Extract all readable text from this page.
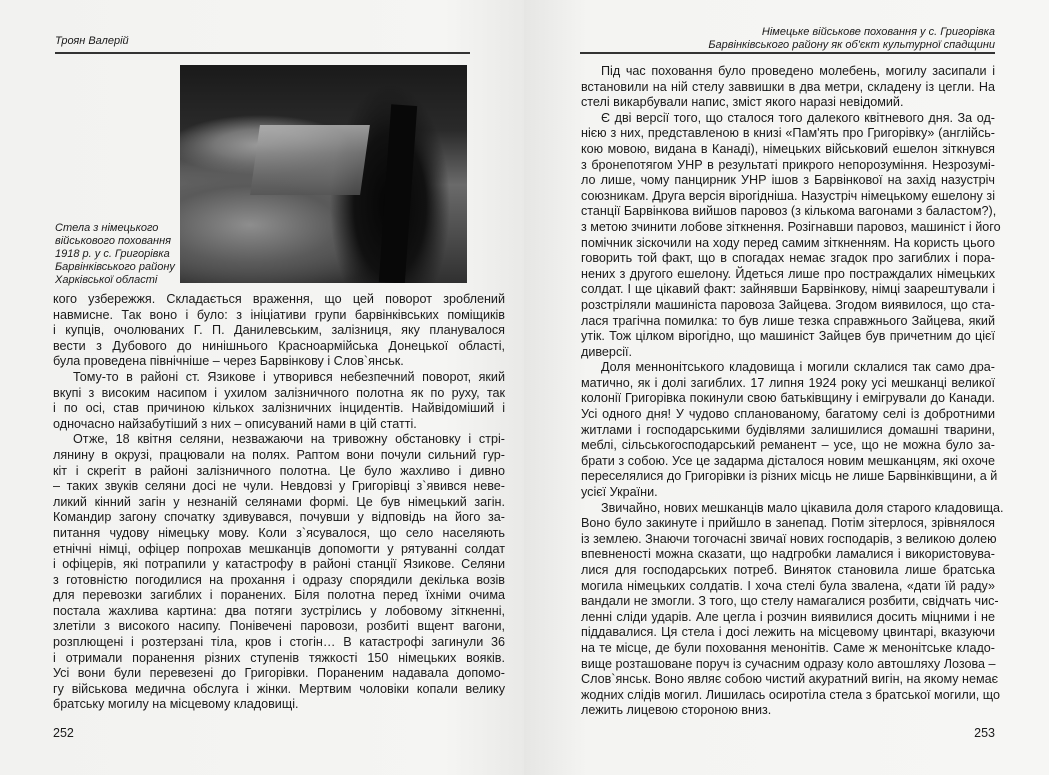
Троян Валерій
Стела з німецького
військового поховання
1918 р. у с. Григорівка
Барвінківського району
Харківської області
кого узбережжя. Складається враження, що цей поворот зроблений
навмисне. Так воно і було: з ініціативи групи барвінківських поміщиків
і купців, очолюваних Г. П. Данилевським, залізниця, яку планувалося
вести з Дубового до нинішнього Красноармійська Донецької області,
була проведена північніше – через Барвінкову і Слов`янськ.
Тому-то в районі ст. Язикове і утворився небезпечний поворот, який
вкупі з високим насипом і ухилом залізничного полотна як по руху, так
і по осі, став причиною кількох залізничних інцидентів. Найвідоміший і
одночасно найзабутіший з них – описуваний нами в цій статті.
Отже, 18 квітня селяни, незважаючи на тривожну обстановку і стрі-
лянину в окрузі, працювали на полях. Раптом вони почули сильний гур-
кіт і скрегіт в районі залізничного полотна. Це було жахливо і дивно
– таких звуків селяни досі не чули. Невдовзі у Григорівці з`явився неве-
ликий кінний загін у незнаній селянами формі. Це був німецький загін.
Командир загону спочатку здивувався, почувши у відповідь на його за-
питання чудову німецьку мову. Коли з`ясувалося, що село населяють
етнічні німці, офіцер попрохав мешканців допомогти у рятуванні солдат
і офіцерів, які потрапили у катастрофу в районі станції Язикове. Селяни
з готовністю погодилися на прохання і одразу спорядили декілька возів
для перевозки загиблих і поранених. Біля полотна перед їхніми очима
постала жахлива картина: два потяги зустрілись у лобовому зіткненні,
злетіли з високого насипу. Понівечені паровози, розбиті вщент вагони,
розплющені і розтерзані тіла, кров і стогін… В катастрофі загинули 36
і отримали поранення різних ступенів тяжкості 150 німецьких вояків.
Усі вони були перевезені до Григорівки. Пораненим надавала допомо-
гу військова медична обслуга і жінки. Мертвим чоловіки копали велику
братську могилу на місцевому кладовищі.
252
Німецьке військове поховання у с. Григорівка
Барвінківського району як об'єкт культурної спадщини
Під час поховання було проведено молебень, могилу засипали і
встановили на ній стелу заввишки в два метри, складену із цегли. На
стелі викарбували напис, зміст якого наразі невідомий.
Є дві версії того, що сталося того далекого квітневого дня. За од-
нією з них, представленою в книзі «Пам'ять про Григорівку» (англійсь-
кою мовою, видана в Канаді), німецьких військовий ешелон зіткнувся
з бронепотягом УНР в результаті прикрого непорозуміння. Незрозумі-
ло лише, чому панцирник УНР ішов з Барвінкової на захід назустріч
союзникам. Друга версія вірогідніша. Назустріч німецькому ешелону зі
станції Барвінкова вийшов паровоз (з кількома вагонами з баластом?),
з метою зчинити лобове зіткнення. Розігнавши паровоз, машиніст і його
помічник зіскочили на ходу перед самим зіткненням. На користь цього
говорить той факт, що в спогадах немає згадок про загиблих і пора-
нених з другого ешелону. Йдеться лише про постраждалих німецьких
солдат. І ще цікавий факт: зайнявши Барвінкову, німці заарештували і
розстріляли машиніста паровоза Зайцева. Згодом виявилося, що ста-
лася трагічна помилка: то був лише тезка справжнього Зайцева, який
утік. Тож цілком вірогідно, що машиніст Зайцев був причетним до цієї
диверсії.
Доля меннонітського кладовища і могили склалися так само дра-
матично, як і долі загиблих. 17 липня 1924 року усі мешканці великої
колонії Григорівка покинули свою батьківщину і емігрували до Канади.
Усі одного дня! У чудово спланованому, багатому селі із добротними
житлами і господарськими будівлями залишилися домашні тварини,
меблі, сільськогосподарський реманент – усе, що не можна було за-
брати з собою. Усе це задарма дісталося новим мешканцям, які охоче
переселялися до Григорівки із різних місць не лише Барвінківщини, а й
усієї України.
Звичайно, нових мешканців мало цікавила доля старого кладовища.
Воно було закинуте і прийшло в занепад. Потім зітерлося, зрівнялося
із землею. Знаючи тогочасні звичаї нових господарів, з великою долею
впевненості можна сказати, що надгробки ламалися і використовува-
лися для господарських потреб. Виняток становила лише братська
могила німецьких солдатів. І хоча стелі була звалена, «дати їй раду»
вандали не змогли. З того, що стелу намагалися розбити, свідчать чис-
ленні сліди ударів. Але цегла і розчин виявилися досить міцними і не
піддавалися. Ця стела і досі лежить на місцевому цвинтарі, вказуючи
на те місце, де були поховання менонітів. Саме ж менонітське кладо-
вище розташоване поруч із сучасним одразу коло автошляху Лозова –
Слов`янськ. Воно являє собою чистий акуратний вигін, на якому немає
жодних слідів могил. Лишилась осиротіла стела з братської могили, що
лежить лицевою стороною вниз.
253
